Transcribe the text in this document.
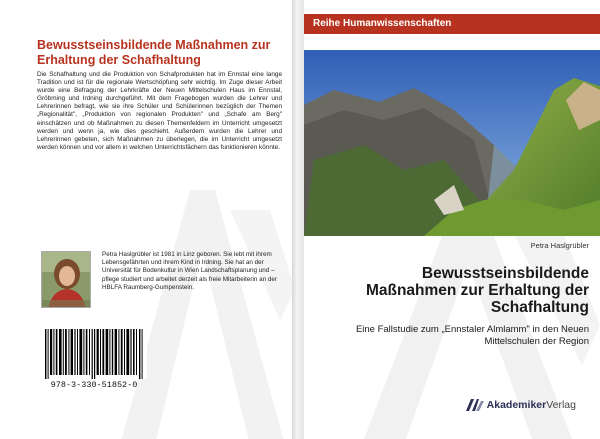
Bewusstseinsbildende Maßnahmen zur Erhaltung der Schafhaltung
Die Schafhaltung und die Produktion von Schafprodukten hat im Ennstal eine lange Tradition und ist für die regionale Wertschöpfung sehr wichtig. Im Zuge dieser Arbeit wurde eine Befragung der Lehrkräfte der Neuen Mittelschulen Haus im Ennstal, Gröbming und Irdning durchgeführt. Mit dem Fragebogen wurden die Lehrer und Lehrerinnen befragt, wie sie ihre Schüler und Schülerinnen bezüglich der Themen „Regionalität", „Produktion von regionalen Produkten" und „Schafe am Berg" einschätzen und ob Maßnahmen zu diesen Themenfeldern im Unterricht umgesetzt werden und wenn ja, wie dies geschieht. Außerdem wurden die Lehrer und Lehrerinnen gebeten, sich Maßnahmen zu überlegen, die im Unterricht umgesetzt werden können und vor allem in welchen Unterrichtsfächern das funktionieren könnte.
Petra Haslgrübler ist 1981 in Linz geboren. Sie lebt mit ihrem Lebensgefährten und ihrem Kind in Irdning. Sie hat an der Universität für Bodenkultur in Wien Landschaftsplanung und –pflege studiert und arbeitet derzeit als freie Mitarbeiterin an der HBLFA Raumberg-Gumpenstein.
978-3-330-51852-0
Reihe Humanwissenschaften
Petra Haslgrübler
Bewusstseinsbildende Maßnahmen zur Erhaltung der Schafhaltung
Eine Fallstudie zum „Ennstaler Almlamm" in den Neuen Mittelschulen der Region
AkademikerVerlag
